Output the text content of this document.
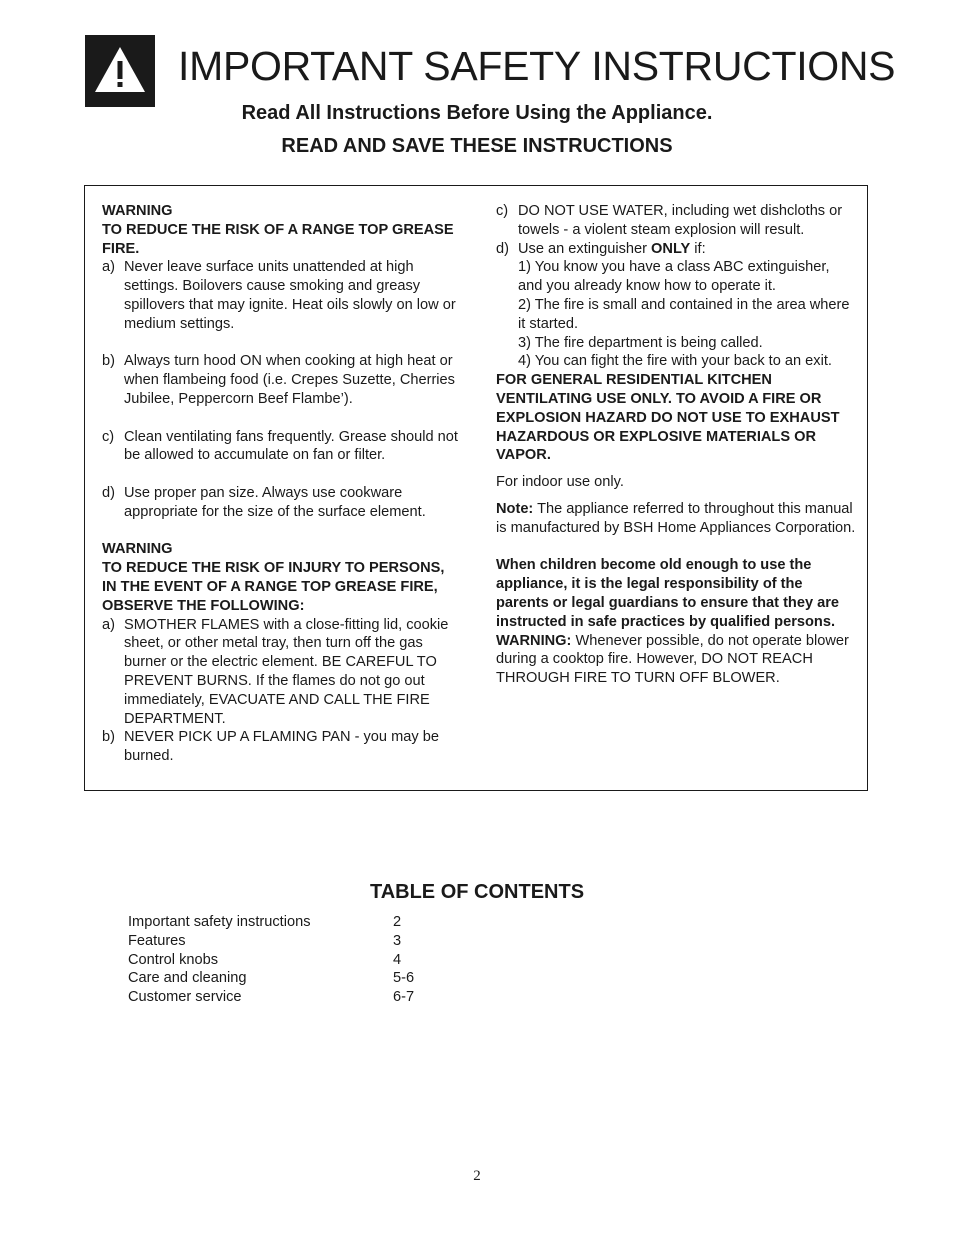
IMPORTANT SAFETY INSTRUCTIONS

Read All Instructions Before Using the Appliance.

READ AND SAVE THESE INSTRUCTIONS

WARNING

TO REDUCE THE RISK OF A RANGE TOP GREASE FIRE.

a) Never leave surface units unattended at high settings. Boilovers cause smoking and greasy spillovers that may ignite. Heat oils slowly on low or medium settings.
b) Always turn hood ON when cooking at high heat or when flambeing food (i.e. Crepes Suzette, Cherries Jubilee, Peppercorn Beef Flambe’).
c) Clean ventilating fans frequently. Grease should not be allowed to accumulate on fan or filter.
d) Use proper pan size. Always use cookware appropriate for the size of the surface element.

WARNING

TO REDUCE THE RISK OF INJURY TO PERSONS, IN THE EVENT OF A RANGE TOP GREASE FIRE, OBSERVE THE FOLLOWING:

a) SMOTHER FLAMES with a close-fitting lid, cookie sheet, or other metal tray, then turn off the gas burner or the electric element. BE CAREFUL TO PREVENT BURNS. If the flames do not go out immediately, EVACUATE AND CALL THE FIRE DEPARTMENT.
b) NEVER PICK UP A FLAMING PAN - you may be burned.
c) DO NOT USE WATER, including wet dishcloths or towels - a violent steam explosion will result.
d) Use an extinguisher ONLY if:

1) You know you have a class ABC extinguisher, and you already know how to operate it.

2) The fire is small and contained in the area where it started.

3) The fire department is being called.

4) You can fight the fire with your back to an exit.

FOR GENERAL RESIDENTIAL KITCHEN VENTILATING USE ONLY. TO AVOID A FIRE OR EXPLOSION HAZARD DO NOT USE TO EXHAUST HAZARDOUS OR EXPLOSIVE MATERIALS OR VAPOR.

For indoor use only.

Note: The appliance referred to throughout this manual is manufactured by BSH Home Appliances Corporation.

When children become old enough to use the appliance, it is the legal responsibility of the parents or legal guardians to ensure that they are instructed in safe practices by qualified persons.

WARNING: Whenever possible, do not operate blower during a cooktop fire. However, DO NOT REACH THROUGH FIRE TO TURN OFF BLOWER.

TABLE OF CONTENTS

Important safety instructions	2
Features	3
Control knobs	4
Care and cleaning	5-6
Customer service	6-7
2
